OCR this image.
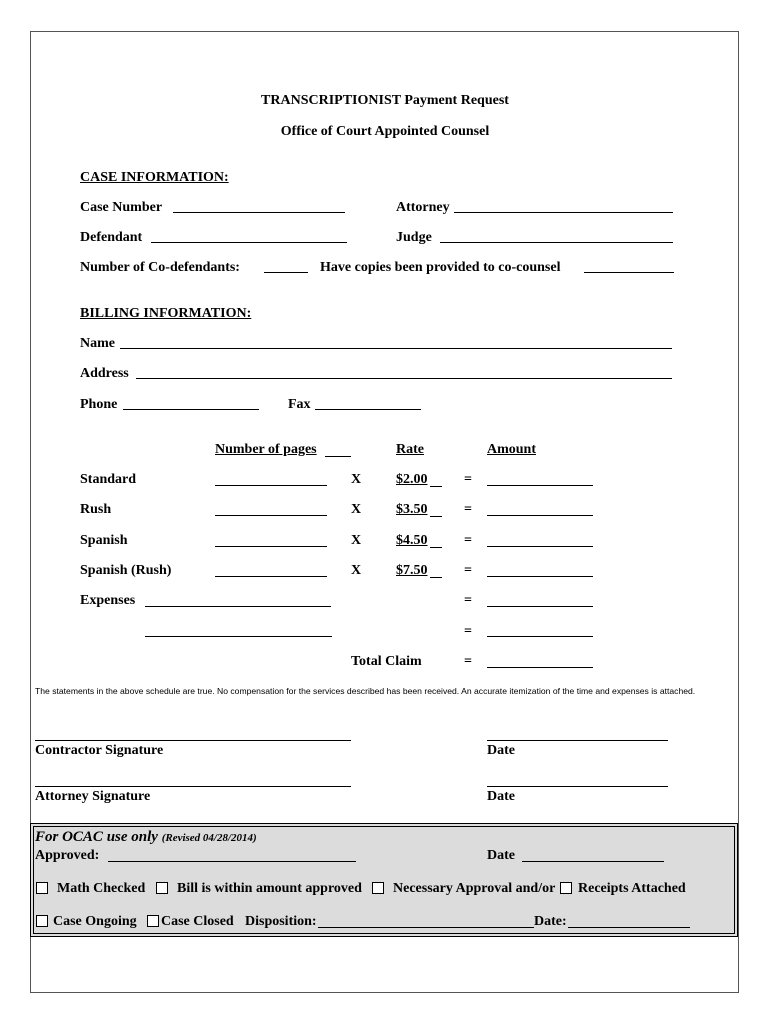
TRANSCRIPTIONIST Payment Request
Office of Court Appointed Counsel
CASE INFORMATION:
Case Number	Attorney
Defendant	Judge
Number of Co-defendants:	Have copies been provided to co-counsel
BILLING INFORMATION:
Name
Address
Phone	Fax
Number of pages	Rate	Amount
Standard	X $2.00	=
Rush	X $3.50	=
Spanish	X $4.50	=
Spanish (Rush)	X $7.50	=
Expenses	=
=
Total Claim	=
The statements in the above schedule are true. No compensation for the services described has been received. An accurate itemization of the time and expenses is attached.
Contractor Signature	Date
Attorney Signature	Date
For OCAC use only (Revised 04/28/2014)
Approved:	Date
Math Checked Bill is within amount approved Necessary Approval and/or Receipts Attached
Case Ongoing Case Closed Disposition:	Date:
